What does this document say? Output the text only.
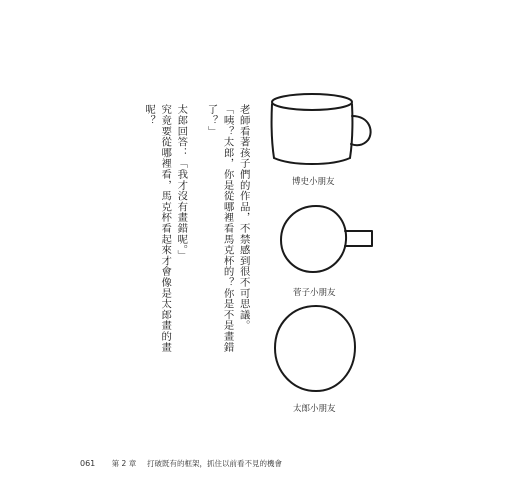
老師看著孩子們的作品，不禁感到很不可思議。

「咦？太郎，你是從哪裡看馬克杯的？你是不是畫錯了？」

太郎回答：「我才沒有畫錯呢。」

究竟要從哪裡看，馬克杯看起來才會像是太郎畫的畫呢？

博史小朋友
菅子小朋友
太郎小朋友
061 第 2 章 打破既有的框架，抓住以前看不見的機會
